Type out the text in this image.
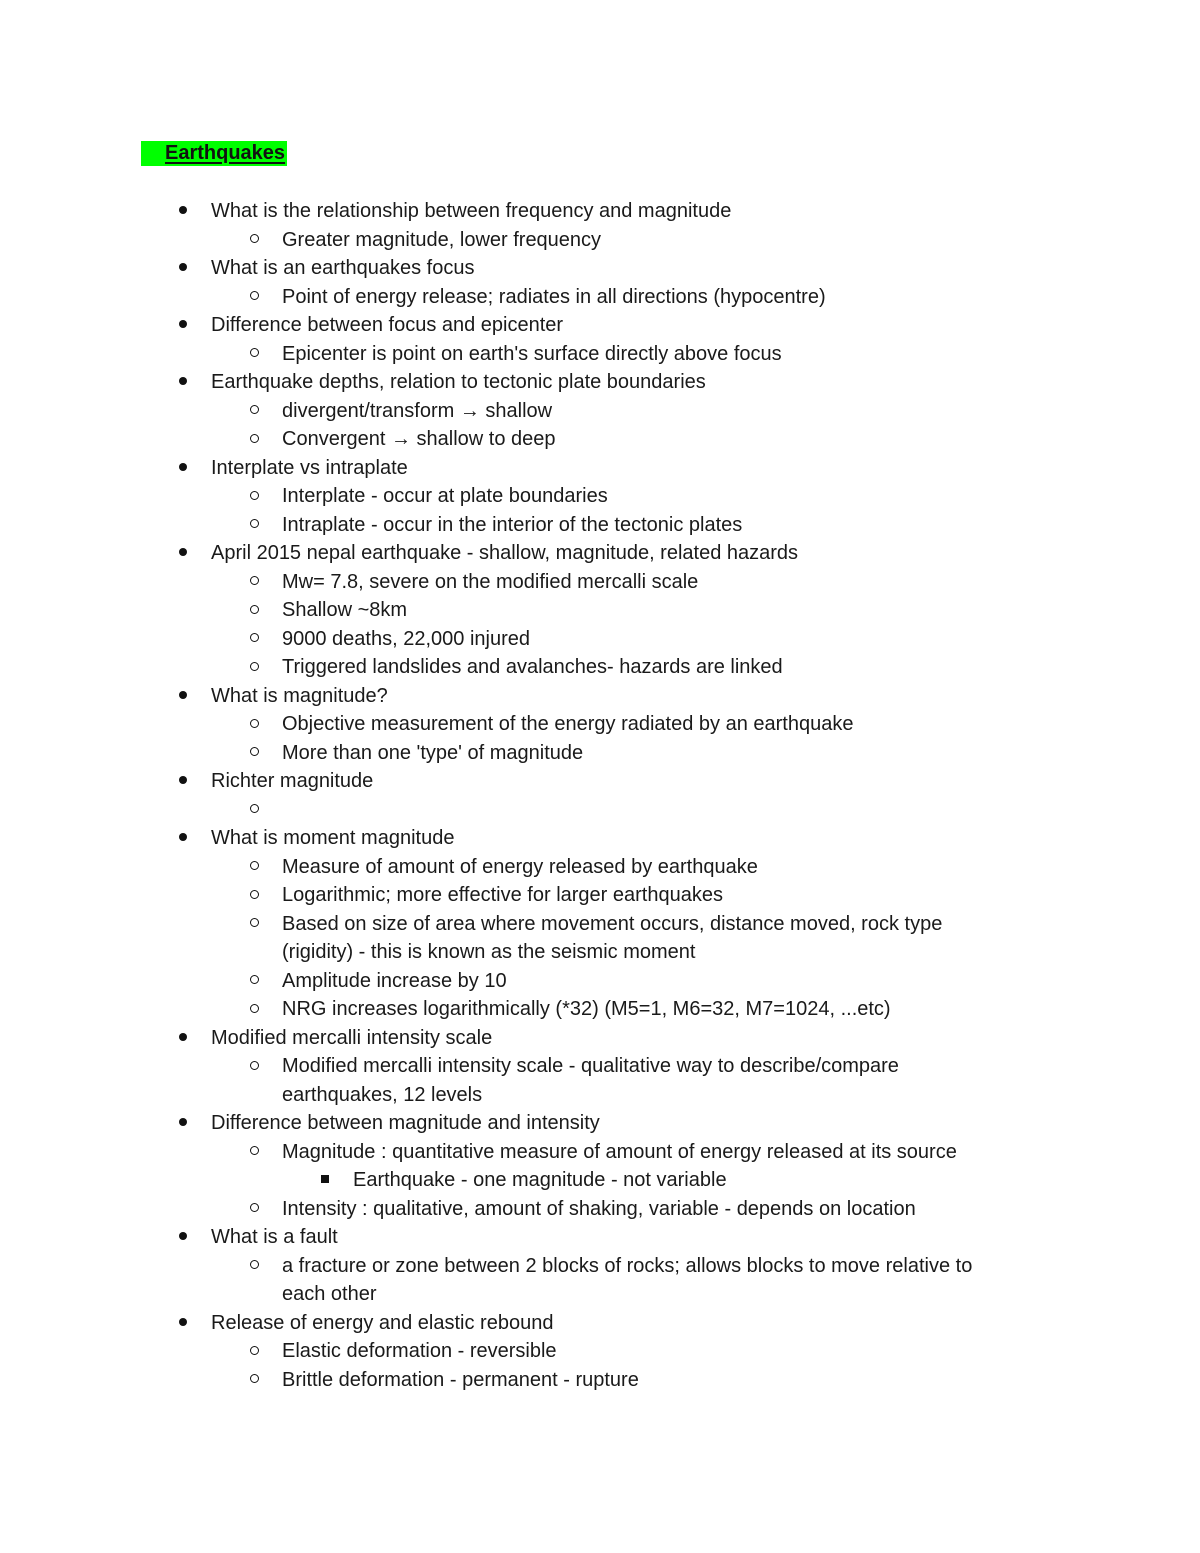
Earthquakes
What is the relationship between frequency and magnitude
Greater magnitude, lower frequency
What is an earthquakes focus
Point of energy release; radiates in all directions (hypocentre)
Difference between focus and epicenter
Epicenter is point on earth's surface directly above focus
Earthquake depths, relation to tectonic plate boundaries
divergent/transform → shallow
Convergent → shallow to deep
Interplate vs intraplate
Interplate - occur at plate boundaries
Intraplate - occur in the interior of the tectonic plates
April 2015 nepal earthquake - shallow, magnitude, related hazards
Mw= 7.8, severe on the modified mercalli scale
Shallow ~8km
9000 deaths, 22,000 injured
Triggered landslides and avalanches- hazards are linked
What is magnitude?
Objective measurement of the energy radiated by an earthquake
More than one 'type' of magnitude
Richter magnitude
What is moment magnitude
Measure of amount of energy released by earthquake
Logarithmic; more effective for larger earthquakes
Based on size of area where movement occurs, distance moved, rock type
(rigidity) - this is known as the seismic moment
Amplitude increase by 10
NRG increases logarithmically (*32) (M5=1, M6=32, M7=1024, ...etc)
Modified mercalli intensity scale
Modified mercalli intensity scale - qualitative way to describe/compare
earthquakes, 12 levels
Difference between magnitude and intensity
Magnitude : quantitative measure of amount of energy released at its source
Earthquake - one magnitude - not variable
Intensity : qualitative, amount of shaking, variable - depends on location
What is a fault
a fracture or zone between 2 blocks of rocks; allows blocks to move relative to
each other
Release of energy and elastic rebound
Elastic deformation - reversible
Brittle deformation - permanent - rupture
